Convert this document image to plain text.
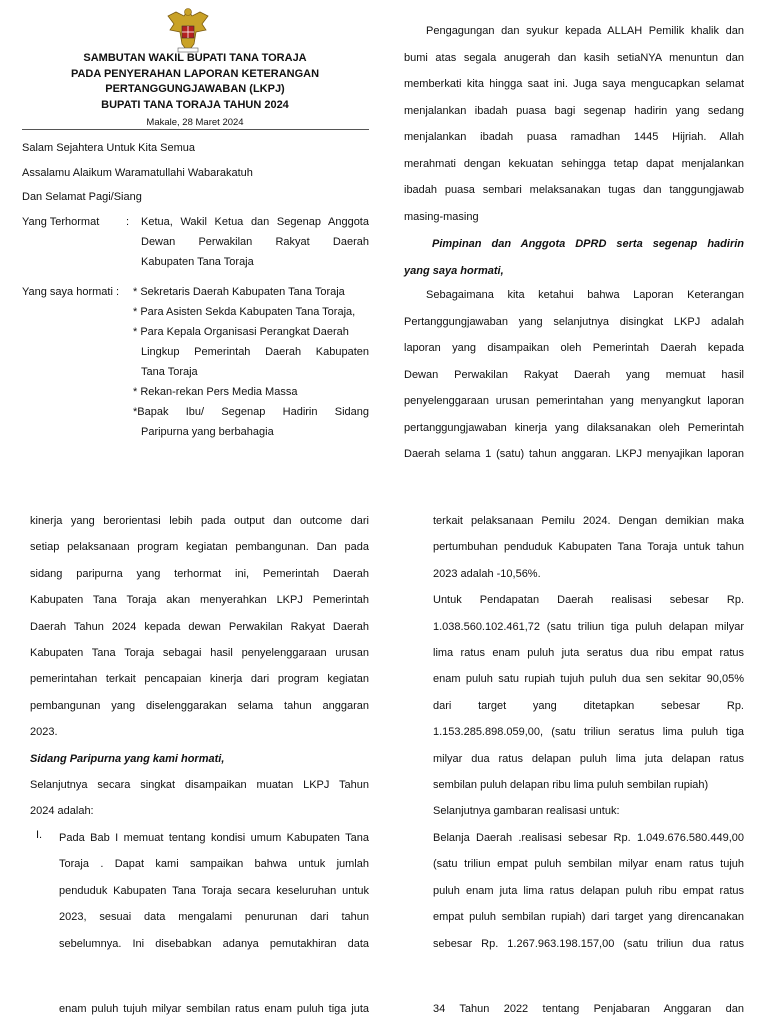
SAMBUTAN WAKIL BUPATI TANA TORAJA
PADA PENYERAHAN LAPORAN KETERANGAN
PERTANGGUNGJAWABAN (LKPJ)
BUPATI TANA TORAJA TAHUN 2024
Makale, 28 Maret 2024
Salam Sejahtera Untuk Kita Semua
Assalamu Alaikum Waramatullahi Wabarakatuh
Dan Selamat Pagi/Siang
Yang Terhormat : Ketua, Wakil Ketua dan Segenap Anggota
Dewan Perwakilan Rakyat Daerah
Kabupaten Tana Toraja
Yang saya hormati : * Sekretaris Daerah Kabupaten Tana Toraja
* Para Asisten Sekda Kabupaten Tana Toraja,
* Para Kepala Organisasi Perangkat Daerah
Lingkup Pemerintah Daerah Kabupaten
Tana Toraja
* Rekan-rekan Pers Media Massa
*Bapak Ibu/ Segenap Hadirin Sidang
Paripurna yang berbahagia
Pengagungan dan syukur kepada ALLAH Pemilik khalik dan
bumi atas segala anugerah dan kasih setiaNYA menuntun dan
memberkati kita hingga saat ini. Juga saya mengucapkan selamat
menjalankan ibadah puasa bagi segenap hadirin yang sedang
menjalankan ibadah puasa ramadhan 1445 Hijriah. Allah
merahmati dengan kekuatan sehingga tetap dapat menjalankan
ibadah puasa sembari melaksanakan tugas dan tanggungjawab
masing-masing
Pimpinan dan Anggota DPRD serta segenap hadirin
yang saya hormati,
Sebagaimana kita ketahui bahwa Laporan Keterangan
Pertanggungjawaban yang selanjutnya disingkat LKPJ adalah
laporan yang disampaikan oleh Pemerintah Daerah kepada
Dewan Perwakilan Rakyat Daerah yang memuat hasil
penyelenggaraan urusan pemerintahan yang menyangkut laporan
pertanggungjawaban kinerja yang dilaksanakan oleh Pemerintah
Daerah selama 1 (satu) tahun anggaran. LKPJ menyajikan laporan
kinerja yang berorientasi lebih pada output dan outcome dari
setiap pelaksanaan program kegiatan pembangunan. Dan pada
sidang paripurna yang terhormat ini, Pemerintah Daerah
Kabupaten Tana Toraja akan menyerahkan LKPJ Pemerintah
Daerah Tahun 2024 kepada dewan Perwakilan Rakyat Daerah
Kabupaten Tana Toraja sebagai hasil penyelenggaraan urusan
pemerintahan terkait pencapaian kinerja dari program kegiatan
pembangunan yang diselenggarakan selama tahun anggaran
2023.
Sidang Paripurna yang kami hormati,
Selanjutnya secara singkat disampaikan muatan LKPJ Tahun
2024 adalah:
I. Pada Bab I memuat tentang kondisi umum Kabupaten Tana
Toraja . Dapat kami sampaikan bahwa untuk jumlah
penduduk Kabupaten Tana Toraja secara keseluruhan untuk
2023, sesuai data mengalami penurunan dari tahun
sebelumnya. Ini disebabkan adanya pemutakhiran data
enam puluh tujuh milyar sembilan ratus enam puluh tiga juta
terkait pelaksanaan Pemilu 2024. Dengan demikian maka
pertumbuhan penduduk Kabupaten Tana Toraja untuk tahun
2023 adalah -10,56%.
Untuk Pendapatan Daerah realisasi sebesar Rp.
1.038.560.102.461,72 (satu triliun tiga puluh delapan milyar
lima ratus enam puluh juta seratus dua ribu empat ratus
enam puluh satu rupiah tujuh puluh dua sen sekitar 90,05%
dari target yang ditetapkan sebesar Rp.
1.153.285.898.059,00, (satu triliun seratus lima puluh tiga
milyar dua ratus delapan puluh lima juta delapan ratus
sembilan puluh delapan ribu lima puluh sembilan rupiah)
Selanjutnya gambaran realisasi untuk:
Belanja Daerah .realisasi sebesar Rp. 1.049.676.580.449,00
(satu triliun empat puluh sembilan milyar enam ratus tujuh
puluh enam juta lima ratus delapan puluh ribu empat ratus
empat puluh sembilan rupiah) dari target yang direncanakan
sebesar Rp. 1.267.963.198.157,00 (satu triliun dua ratus
34 Tahun 2022 tentang Penjabaran Anggaran dan
